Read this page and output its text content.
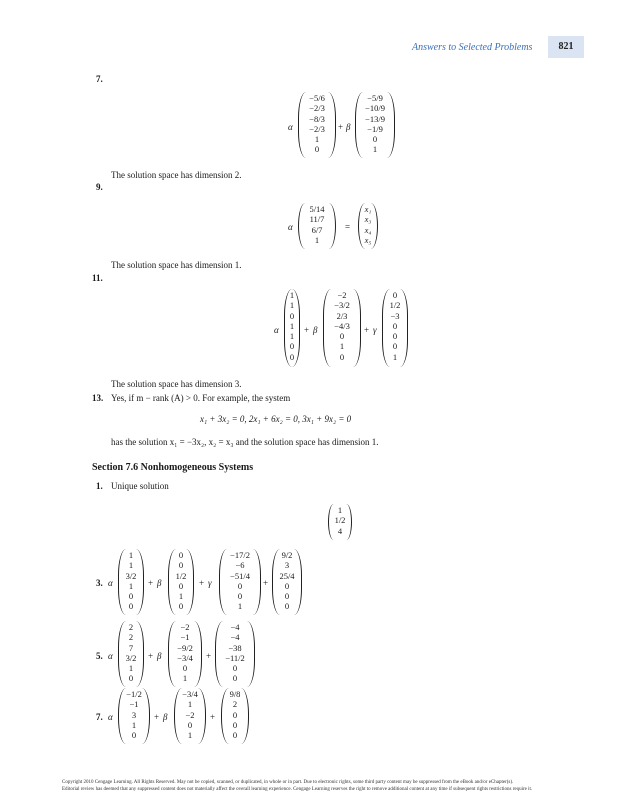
Answers to Selected Problems	821
7.
α
−5/6
−2/3
−8/3
−2/3
1
0
+ β
−5/9
−10/9
−13/9
−1/9
0
1
The solution space has dimension 2.
9.
α
5/14
11/7
6/7
1
=
x₁
x₃
x₄
x₅
The solution space has dimension 1.
11.
α
1
1
0
1
1
0
0
+ β
−2
−3/2
2/3
−4/3
0
1
0
+ γ
0
1/2
−3
0
0
0
1
The solution space has dimension 3.
13. Yes, if m − rank (A) > 0. For example, the system
x₁ + 3x₂ = 0, 2x₁ + 6x₂ = 0, 3x₁ + 9x₂ = 0
has the solution x₁ = −3x₂, x₂ = x₃ and the solution space has dimension 1.
Section 7.6 Nonhomogeneous Systems
1. Unique solution
1
1/2
4
3. α
1
1
3/2
1
0
0
+ β
0
0
1/2
0
1
0
+ γ
−17/2
−6
−51/4
0
0
1
+
9/2
3
25/4
0
0
0
5. α
2
2
7
3/2
1
0
+ β
−2
−1
−9/2
−3/4
0
1
+
−4
−4
−38
−11/2
0
0
7. α
−1/2
−1
3
1
0
+ β
−3/4
1
−2
0
1
+
9/8
2
0
0
0
Copyright 2010 Cengage Learning. All Rights Reserved. May not be copied, scanned, or duplicated, in whole or in part. Due to electronic rights, some third party content may be suppressed from the eBook and/or eChapter(s).
Editorial review has deemed that any suppressed content does not materially affect the overall learning experience. Cengage Learning reserves the right to remove additional content at any time if subsequent rights restrictions require it.
